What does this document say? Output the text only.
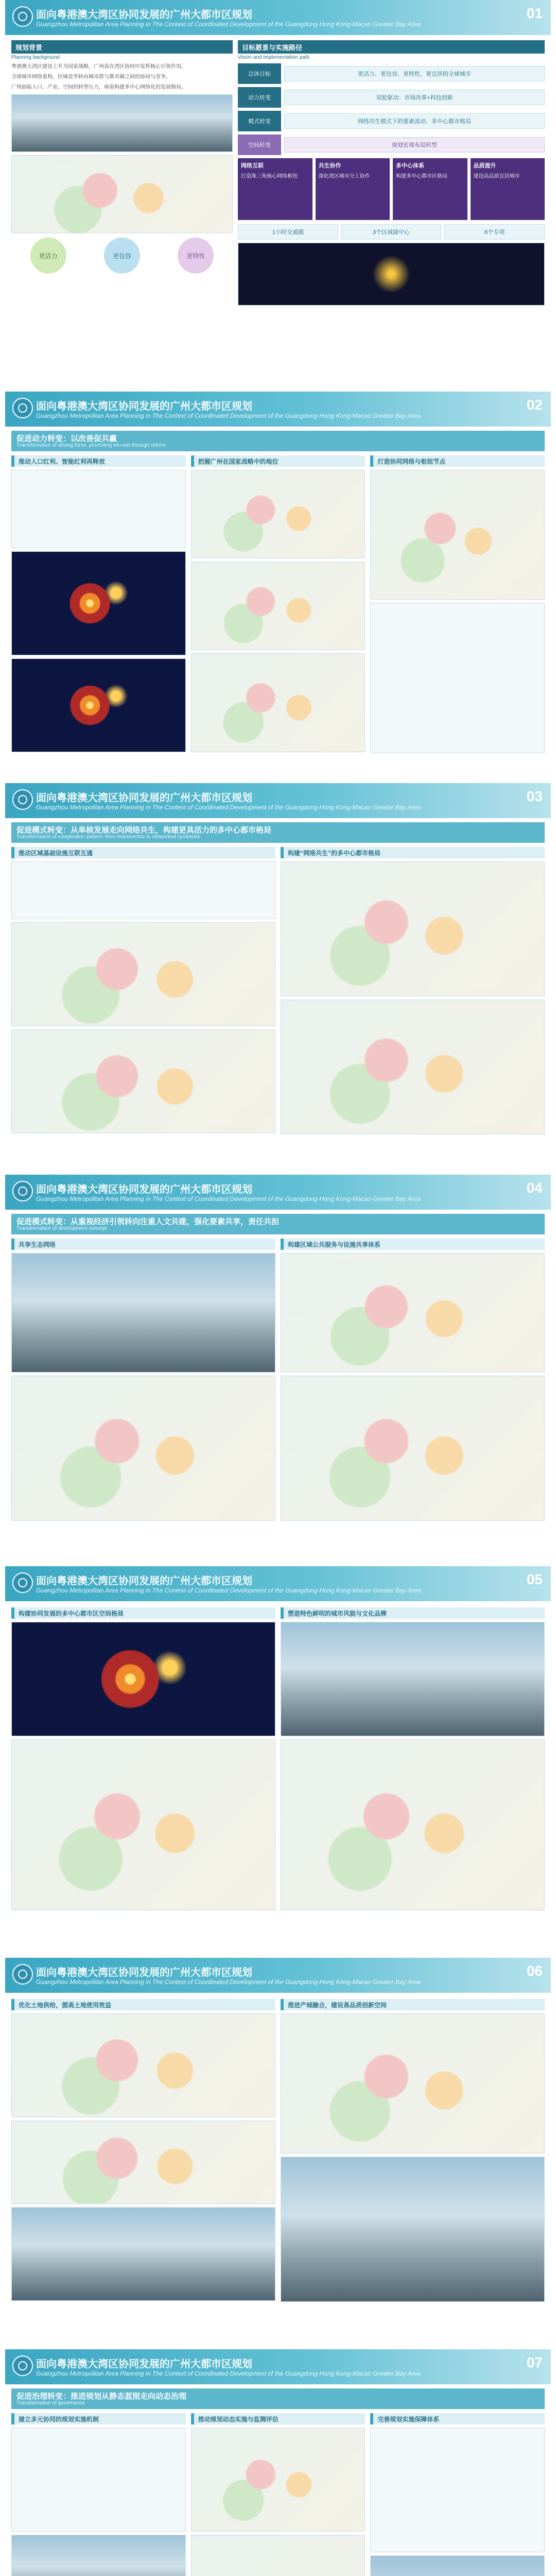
面向粤港澳大湾区协同发展的广州大都市区规划
Guangzhou Metropolitan Area Planning in The Context of Coordinated Development of the Guangdong-Hong Kong-Macao Greater Bay Area
01
规划背景
Planning background
粤港澳大湾区建设上升为国家战略，广州需在湾区协同中发挥核心引领作用。
全球城市网络重构，区域竞争转向城市群与都市圈之间的协同与竞争。
广州面临人口、产业、空间的转型压力，亟需构建多中心网络化的发展格局。
更活力	更包容	更特性
目标愿景与实施路径
Vision and implementation path
总体目标	更活力、更包容、更特性、更宜居的全球城市
动力转变	双轮驱动：市场改革+科技创新
模式转变	网络共生模式下的要素流动、多中心都市格局
空间转变	规划宏观布局转型
网络互联
打造珠三角核心网络枢纽
共生协作
深化湾区城市分工协作
多中心体系
构建多中心都市区格局
品质提升
建设高品质宜居城市
1小时交通圈	3个区域副中心	8个专项
面向粤港澳大湾区协同发展的广州大都市区规划
Guangzhou Metropolitan Area Planning in The Context of Coordinated Development of the Guangdong-Hong Kong-Macao Greater Bay Area
02
促进动力转变：以改善促共赢
Transformation of driving force: promoting win-win through reform
推动人口红利、智能红利再释放	把握广州在国家战略中的地位	打造协同网络与枢纽节点
面向粤港澳大湾区协同发展的广州大都市区规划
Guangzhou Metropolitan Area Planning in The Context of Coordinated Development of the Guangdong-Hong Kong-Macao Greater Bay Area
03
促进模式转变：从单核发展走向网络共生，构建更具活力的多中心都市格局
Transformation of cooperation pattern: from monocentric to networked symbiosis
推动区域基础设施互联互通	构建“网络共生”的多中心都市格局
面向粤港澳大湾区协同发展的广州大都市区规划
Guangzhou Metropolitan Area Planning in The Context of Coordinated Development of the Guangdong-Hong Kong-Macao Greater Bay Area
04
促进模式转变：从重视经济引领转向注重人文共建，强化要素共享，责任共担
Transformation of development concept
共享生态网络	构建区域公共服务与设施共享体系
面向粤港澳大湾区协同发展的广州大都市区规划
Guangzhou Metropolitan Area Planning in The Context of Coordinated Development of the Guangdong-Hong Kong-Macao Greater Bay Area
05
构建协同发展的多中心都市区空间格局	塑造特色鲜明的城市风貌与文化品牌
面向粤港澳大湾区协同发展的广州大都市区规划
Guangzhou Metropolitan Area Planning in The Context of Coordinated Development of the Guangdong-Hong Kong-Macao Greater Bay Area
06
优化土地供给，提高土地使用效益	推进产城融合，建设高品质创新空间
面向粤港澳大湾区协同发展的广州大都市区规划
Guangzhou Metropolitan Area Planning in The Context of Coordinated Development of the Guangdong-Hong Kong-Macao Greater Bay Area
07
促进治理转变：推进规划从静态蓝图走向动态治理
Transformation of governance
建立多元协同的规划实施机制	推动规划动态实施与监测评估	完善规划实施保障体系
